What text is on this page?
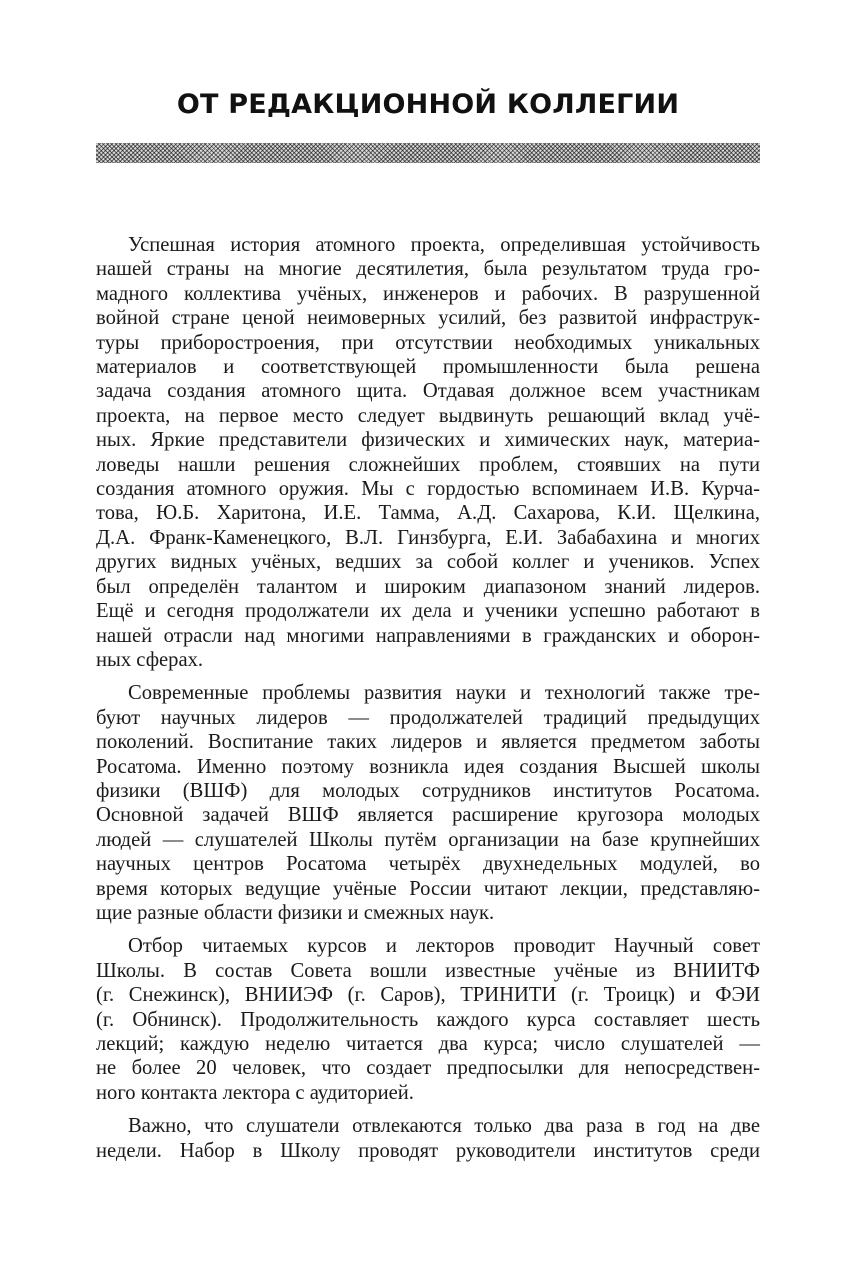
ОТ РЕДАКЦИОННОЙ КОЛЛЕГИИ
Успешная история атомного проекта, определившая устойчивость
нашей страны на многие десятилетия, была результатом труда гро-
мадного коллектива учёных, инженеров и рабочих. В разрушенной
войной стране ценой неимоверных усилий, без развитой инфраструк-
туры приборостроения, при отсутствии необходимых уникальных
материалов и соответствующей промышленности была решена
задача создания атомного щита. Отдавая должное всем участникам
проекта, на первое место следует выдвинуть решающий вклад учё-
ных. Яркие представители физических и химических наук, материа-
ловеды нашли решения сложнейших проблем, стоявших на пути
создания атомного оружия. Мы с гордостью вспоминаем И.В. Курча-
това, Ю.Б. Харитона, И.Е. Тамма, А.Д. Сахарова, К.И. Щелкина,
Д.А. Франк-Каменецкого, В.Л. Гинзбурга, Е.И. Забабахина и многих
других видных учёных, ведших за собой коллег и учеников. Успех
был определён талантом и широким диапазоном знаний лидеров.
Ещё и сегодня продолжатели их дела и ученики успешно работают в
нашей отрасли над многими направлениями в гражданских и оборон-
ных сферах.
Современные проблемы развития науки и технологий также тре-
буют научных лидеров — продолжателей традиций предыдущих
поколений. Воспитание таких лидеров и является предметом заботы
Росатома. Именно поэтому возникла идея создания Высшей школы
физики (ВШФ) для молодых сотрудников институтов Росатома.
Основной задачей ВШФ является расширение кругозора молодых
людей — слушателей Школы путём организации на базе крупнейших
научных центров Росатома четырёх двухнедельных модулей, во
время которых ведущие учёные России читают лекции, представляю-
щие разные области физики и смежных наук.
Отбор читаемых курсов и лекторов проводит Научный совет
Школы. В состав Совета вошли известные учёные из ВНИИТФ
(г. Снежинск), ВНИИЭФ (г. Саров), ТРИНИТИ (г. Троицк) и ФЭИ
(г. Обнинск). Продолжительность каждого курса составляет шесть
лекций; каждую неделю читается два курса; число слушателей —
не более 20 человек, что создает предпосылки для непосредствен-
ного контакта лектора с аудиторией.
Важно, что слушатели отвлекаются только два раза в год на две
недели. Набор в Школу проводят руководители институтов среди
